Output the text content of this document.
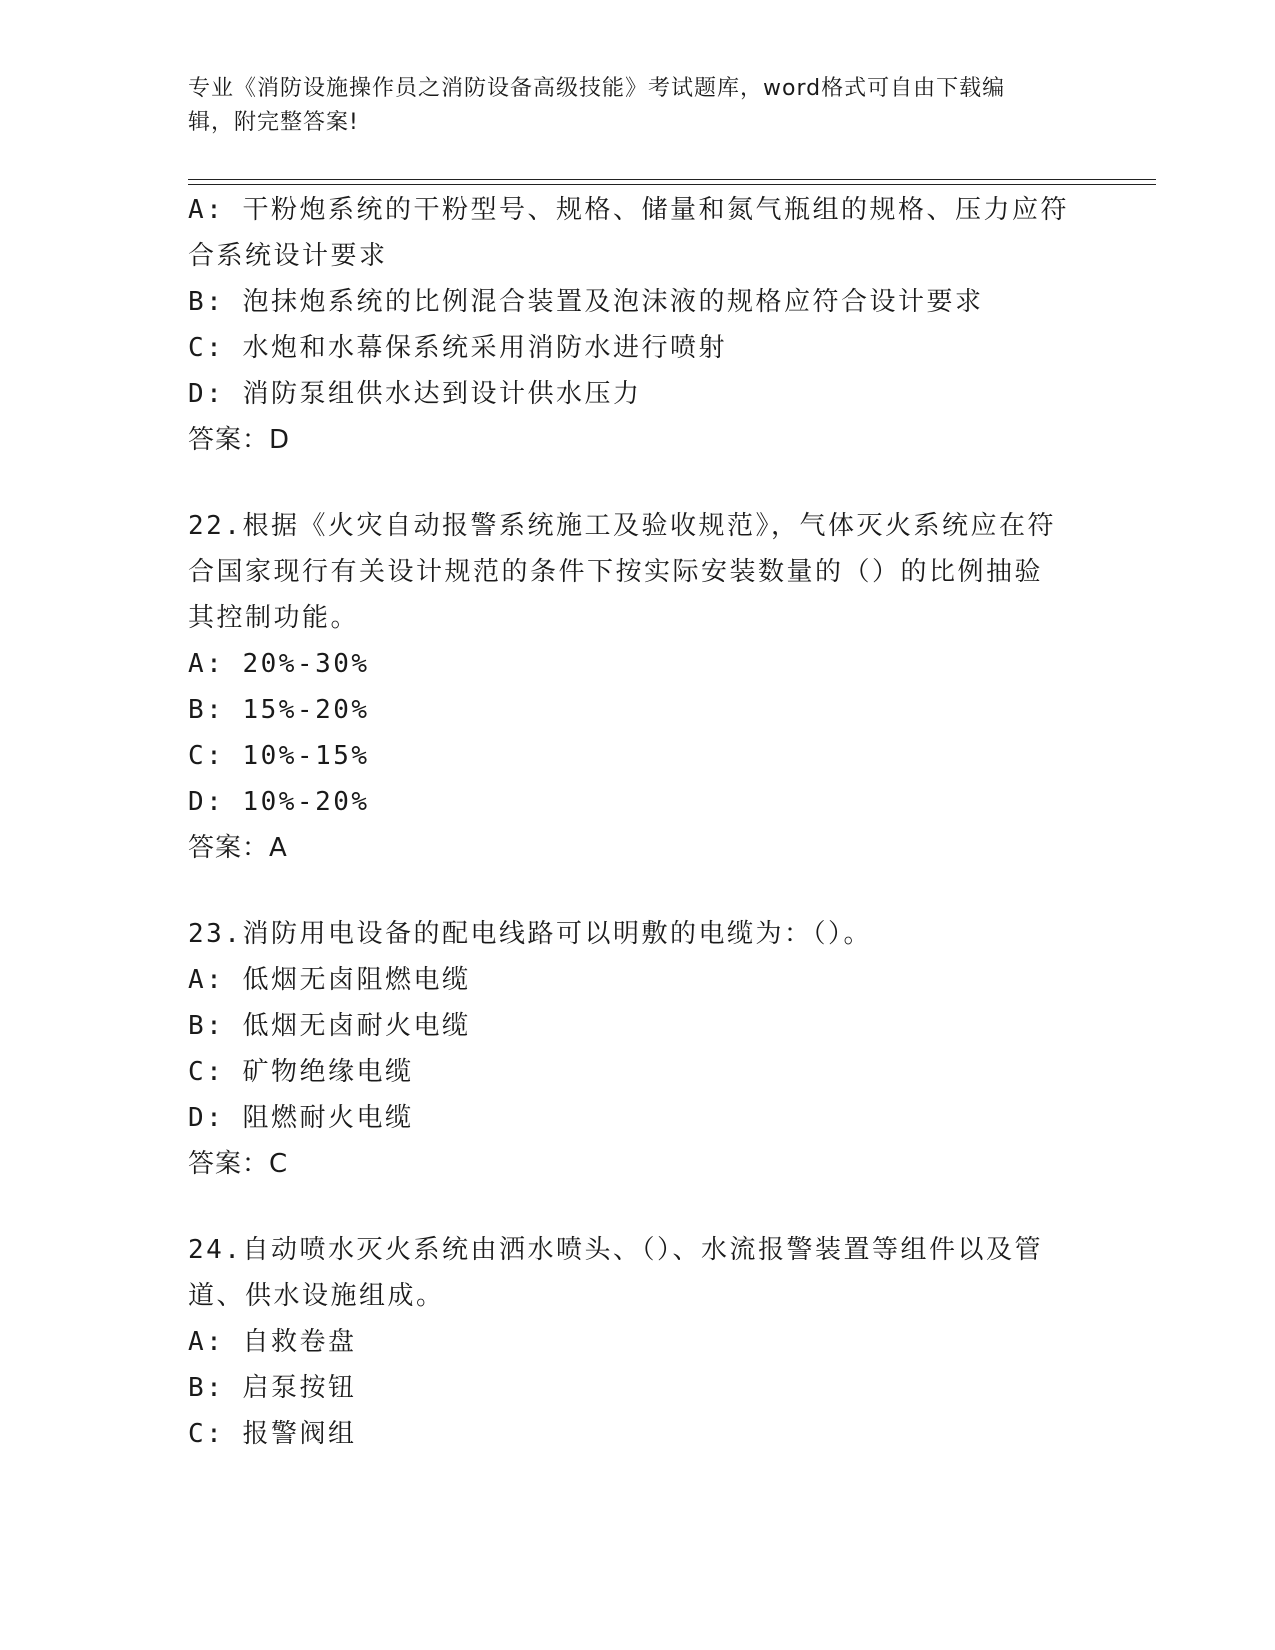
专业《消防设施操作员之消防设备高级技能》考试题库，word格式可自由下载编
辑，附完整答案!
A: 干粉炮系统的干粉型号、规格、储量和氮气瓶组的规格、压力应符
合系统设计要求
B: 泡抹炮系统的比例混合装置及泡沫液的规格应符合设计要求
C: 水炮和水幕保系统采用消防水进行喷射
D: 消防泵组供水达到设计供水压力
答案：D
22.根据《火灾自动报警系统施工及验收规范》，气体灭火系统应在符
合国家现行有关设计规范的条件下按实际安装数量的（）的比例抽验
其控制功能。
A: 20%-30%
B: 15%-20%
C: 10%-15%
D: 10%-20%
答案：A
23.消防用电设备的配电线路可以明敷的电缆为：（）。
A: 低烟无卤阻燃电缆
B: 低烟无卤耐火电缆
C: 矿物绝缘电缆
D: 阻燃耐火电缆
答案：C
24.自动喷水灭火系统由洒水喷头、（）、水流报警装置等组件以及管
道、供水设施组成。
A: 自救卷盘
B: 启泵按钮
C: 报警阀组
